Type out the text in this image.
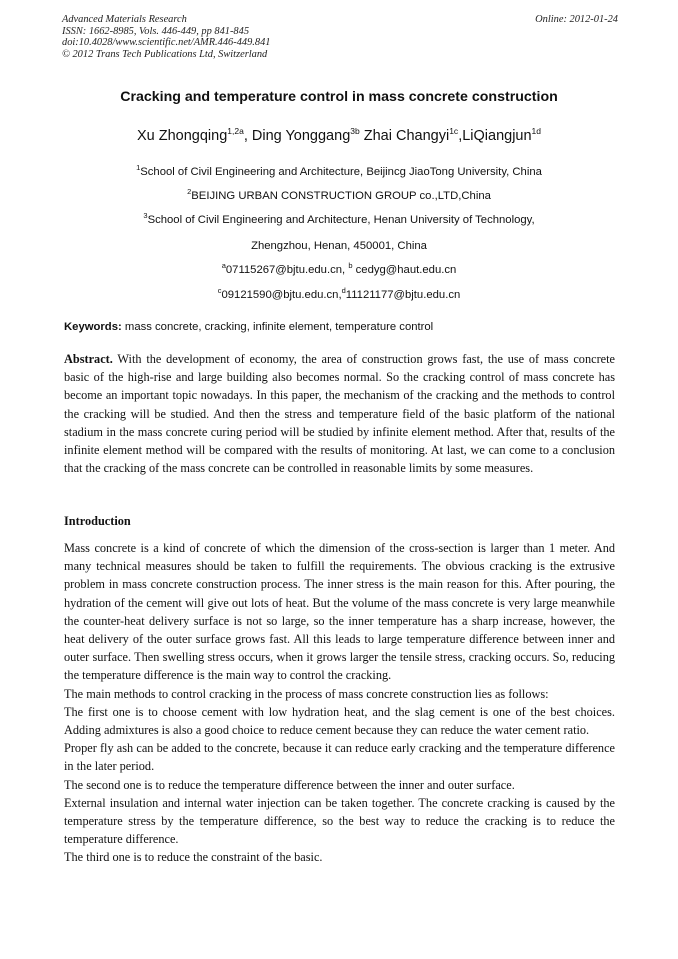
Advanced Materials Research
ISSN: 1662-8985, Vols. 446-449, pp 841-845
doi:10.4028/www.scientific.net/AMR.446-449.841
© 2012 Trans Tech Publications Ltd, Switzerland
Online: 2012-01-24
Cracking and temperature control in mass concrete construction
Xu Zhongqing$^{1,2a}$, Ding Yonggang$^{3b}$ Zhai Changyi$^{1c}$,LiQiangjun$^{1d}$
$^1$School of Civil Engineering and Architecture, Beijincg JiaoTong University, China
$^2$BEIJING URBAN CONSTRUCTION GROUP co.,LTD,China
$^3$School of Civil Engineering and Architecture, Henan University of Technology,
Zhengzhou, Henan, 450001, China
$^a$07115267@bjtu.edu.cn, $^b$ cedyg@haut.edu.cn
$^c$09121590@bjtu.edu.cn,$^d$11121177@bjtu.edu.cn
Keywords: mass concrete, cracking, infinite element, temperature control

Abstract. With the development of economy, the area of construction grows fast, the use of mass concrete basic of the high-rise and large building also becomes normal. So the cracking control of mass concrete has become an important topic nowadays. In this paper, the mechanism of the cracking and the methods to control the cracking will be studied. And then the stress and temperature field of the basic platform of the national stadium in the mass concrete curing period will be studied by infinite element method. After that, results of the infinite element method will be compared with the results of monitoring. At last, we can come to a conclusion that the cracking of the mass concrete can be controlled in reasonable limits by some measures.

Introduction

Mass concrete is a kind of concrete of which the dimension of the cross-section is larger than 1 meter. And many technical measures should be taken to fulfill the requirements. The obvious cracking is the extrusive problem in mass concrete construction process. The inner stress is the main reason for this. After pouring, the hydration of the cement will give out lots of heat. But the volume of the mass concrete is very large meanwhile the counter-heat delivery surface is not so large, so the inner temperature has a sharp increase, however, the heat delivery of the outer surface grows fast. All this leads to large temperature difference between inner and outer surface. Then swelling stress occurs, when it grows larger the tensile stress, cracking occurs. So, reducing the temperature difference is the main way to control the cracking.

The main methods to control cracking in the process of mass concrete construction lies as follows:

The first one is to choose cement with low hydration heat, and the slag cement is one of the best choices. Adding admixtures is also a good choice to reduce cement because they can reduce the water cement ratio.

Proper fly ash can be added to the concrete, because it can reduce early cracking and the temperature difference in the later period.

The second one is to reduce the temperature difference between the inner and outer surface.

External insulation and internal water injection can be taken together. The concrete cracking is caused by the temperature stress by the temperature difference, so the best way to reduce the cracking is to reduce the temperature difference.

The third one is to reduce the constraint of the basic.
